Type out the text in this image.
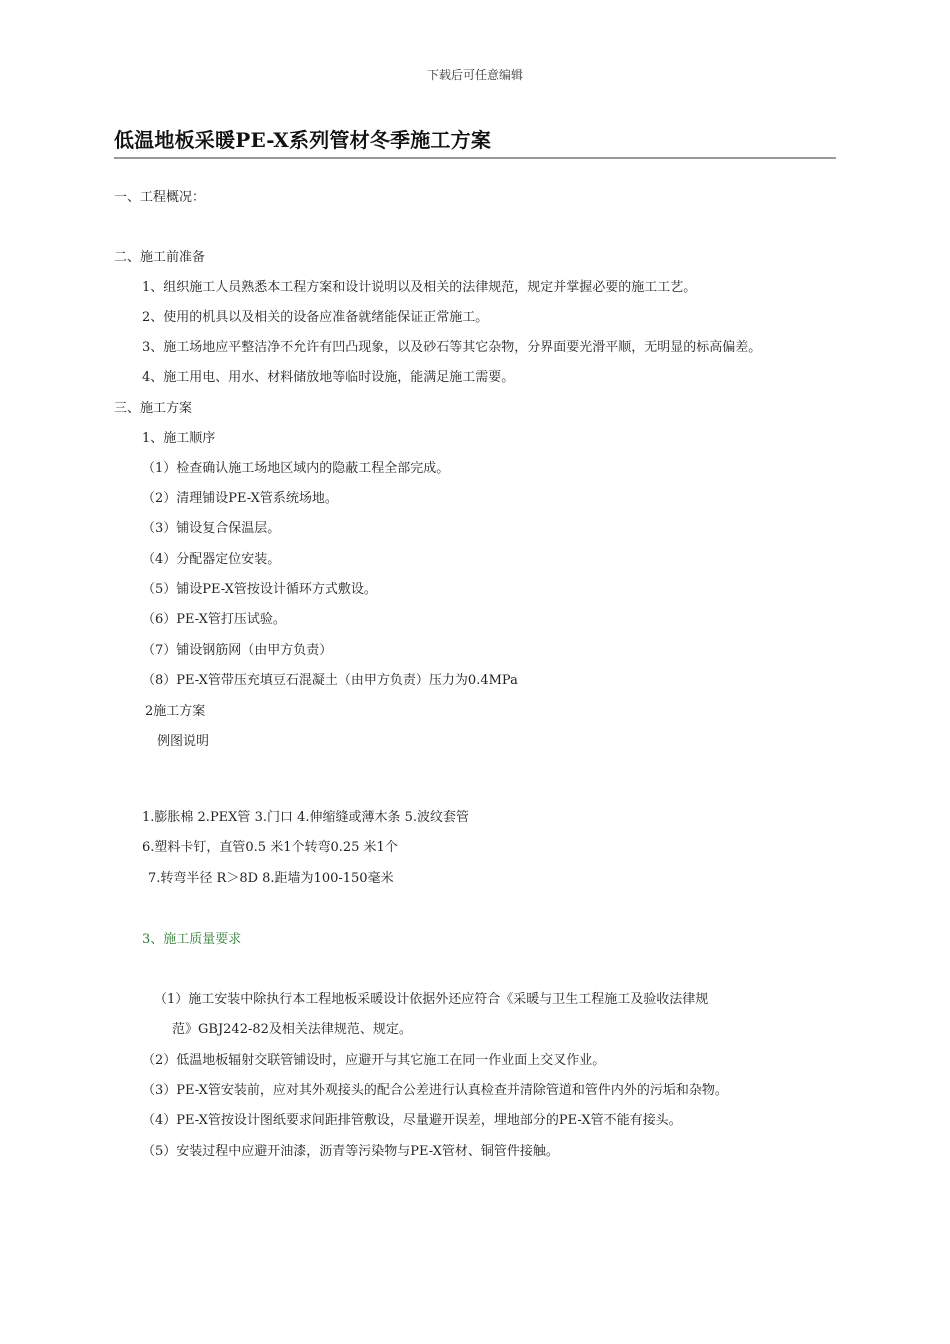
下载后可任意编辑
低温地板采暖PE-X系列管材冬季施工方案
一、工程概况：
二、施工前准备
1、组织施工人员熟悉本工程方案和设计说明以及相关的法律规范，规定并掌握必要的施工工艺。
2、使用的机具以及相关的设备应准备就绪能保证正常施工。
3、施工场地应平整洁净不允许有凹凸现象，以及砂石等其它杂物，分界面要光滑平顺，无明显的标高偏差。
4、施工用电、用水、材料储放地等临时设施，能满足施工需要。
三、施工方案
1、施工顺序
（1）检查确认施工场地区域内的隐蔽工程全部完成。
（2）清理铺设PE-X管系统场地。
（3）铺设复合保温层。
（4）分配器定位安装。
（5）铺设PE-X管按设计循环方式敷设。
（6）PE-X管打压试验。
（7）铺设钢筋网（由甲方负责）
（8）PE-X管带压充填豆石混凝土（由甲方负责）压力为0.4MPa
2施工方案
例图说明
1.膨胀棉 2.PEX管 3.门口 4.伸缩缝或薄木条 5.波纹套管
6.塑料卡钉，直管0.5 米1个转弯0.25 米1个
7.转弯半径 R＞8D 8.距墙为100-150毫米
3、施工质量要求
（1）施工安装中除执行本工程地板采暖设计依据外还应符合《采暖与卫生工程施工及验收法律规
范》GBJ242-82及相关法律规范、规定。
（2）低温地板辐射交联管铺设时，应避开与其它施工在同一作业面上交叉作业。
（3）PE-X管安装前，应对其外观接头的配合公差进行认真检查并清除管道和管件内外的污垢和杂物。
（4）PE-X管按设计图纸要求间距排管敷设，尽量避开误差，埋地部分的PE-X管不能有接头。
（5）安装过程中应避开油漆，沥青等污染物与PE-X管材、铜管件接触。
